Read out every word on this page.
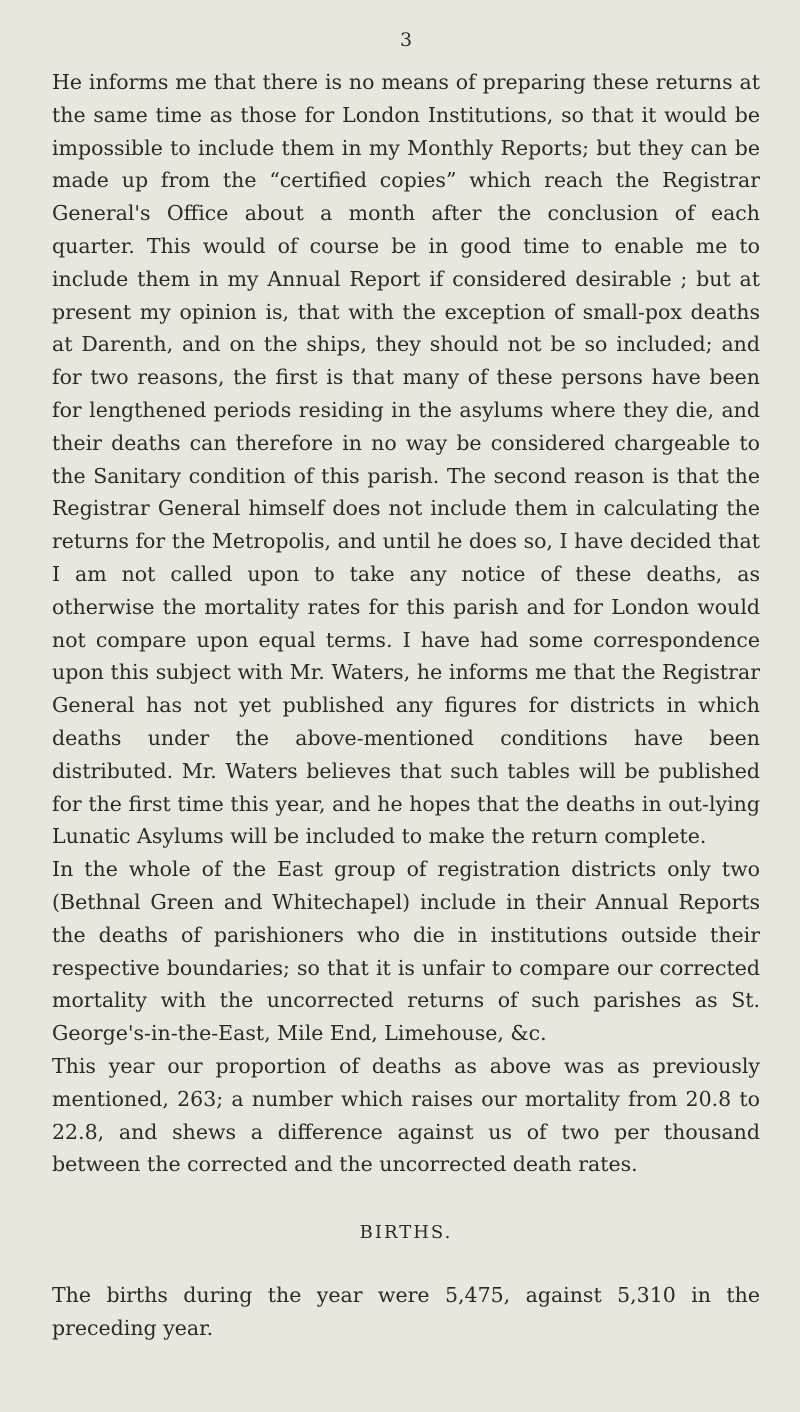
3

He informs me that there is no means of preparing these returns at the same time as those for London Institutions, so that it would be impossible to include them in my Monthly Reports; but they can be made up from the “certified copies” which reach the Registrar General's Office about a month after the conclusion of each quarter. This would of course be in good time to enable me to include them in my Annual Report if considered desirable ; but at present my opinion is, that with the exception of small-pox deaths at Darenth, and on the ships, they should not be so included; and for two reasons, the first is that many of these persons have been for lengthened periods residing in the asylums where they die, and their deaths can therefore in no way be considered chargeable to the Sanitary condition of this parish. The second reason is that the Registrar General himself does not include them in calculating the returns for the Metropolis, and until he does so, I have decided that I am not called upon to take any notice of these deaths, as otherwise the mortality rates for this parish and for London would not compare upon equal terms. I have had some correspondence upon this subject with Mr. Waters, he informs me that the Registrar General has not yet published any figures for districts in which deaths under the above-mentioned conditions have been distributed. Mr. Waters believes that such tables will be published for the first time this year, and he hopes that the deaths in out-lying Lunatic Asylums will be included to make the return complete.

In the whole of the East group of registration districts only two (Bethnal Green and Whitechapel) include in their Annual Reports the deaths of parishioners who die in institutions outside their respective boundaries; so that it is unfair to compare our corrected mortality with the uncorrected returns of such parishes as St. George's-in-the-East, Mile End, Limehouse, &c.

This year our proportion of deaths as above was as previously mentioned, 263; a number which raises our mortality from 20.8 to 22.8, and shews a difference against us of two per thousand between the corrected and the uncorrected death rates.

BIRTHS.

The births during the year were 5,475, against 5,310 in the preceding year.
